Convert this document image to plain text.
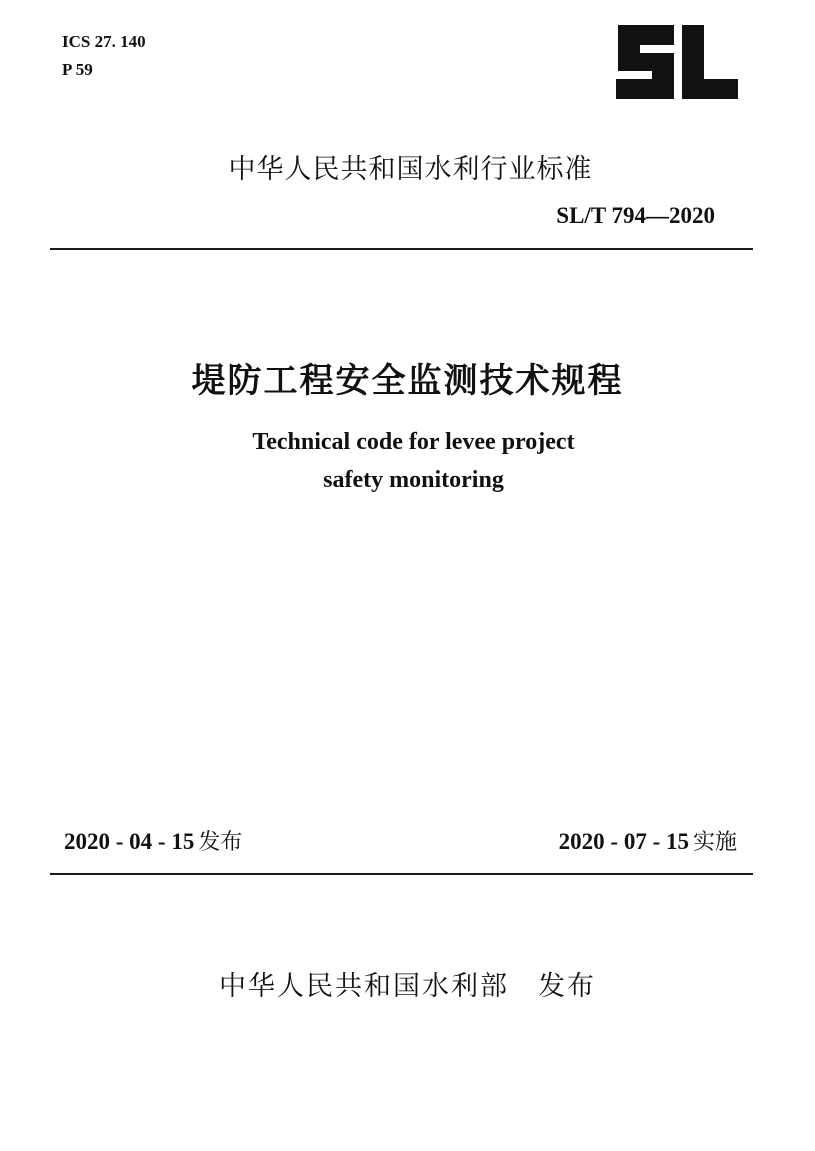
ICS 27. 140
P 59
中华人民共和国水利行业标准
SL/T 794—2020
堤防工程安全监测技术规程
Technical code for levee project
safety monitoring
2020 - 04 - 15 发布	2020 - 07 - 15 实施
中华人民共和国水利部　发布
